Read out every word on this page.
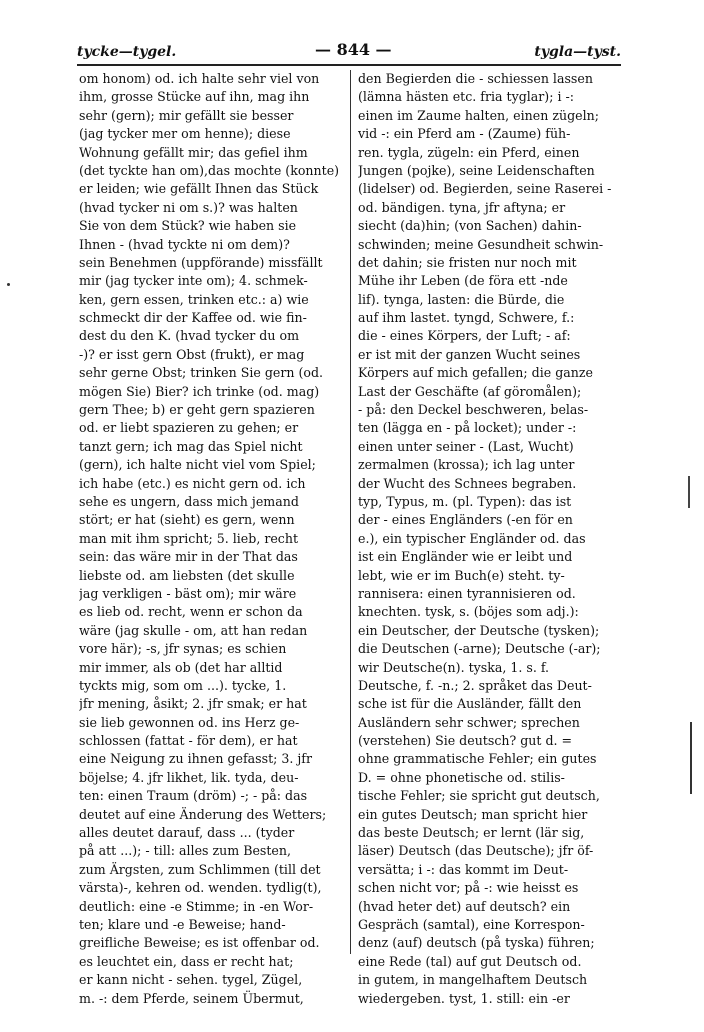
tycke—tygel.	— 844 —	tygla—tyst.
om honom) od. ich halte sehr viel von
ihm, grosse Stücke auf ihn, mag ihn
sehr (gern); mir gefällt sie besser
(jag tycker mer om henne); diese
Wohnung gefällt mir; das gefiel ihm
(det tyckte han om),das mochte (konnte)
er leiden; wie gefällt Ihnen das Stück
(hvad tycker ni om s.)? was halten
Sie von dem Stück? wie haben sie
Ihnen - (hvad tyckte ni om dem)?
sein Benehmen (uppförande) missfällt
mir (jag tycker inte om); 4. schmek-
ken, gern essen, trinken etc.: a) wie
schmeckt dir der Kaffee od. wie fin-
dest du den K. (hvad tycker du om
-)? er isst gern Obst (frukt), er mag
sehr gerne Obst; trinken Sie gern (od.
mögen Sie) Bier? ich trinke (od. mag)
gern Thee; b) er geht gern spazieren
od. er liebt spazieren zu gehen; er
tanzt gern; ich mag das Spiel nicht
(gern), ich halte nicht viel vom Spiel;
ich habe (etc.) es nicht gern od. ich
sehe es ungern, dass mich jemand
stört; er hat (sieht) es gern, wenn
man mit ihm spricht; 5. lieb, recht
sein: das wäre mir in der That das
liebste od. am liebsten (det skulle
jag verkligen - bäst om); mir wäre
es lieb od. recht, wenn er schon da
wäre (jag skulle - om, att han redan
vore här); -s, jfr synas; es schien
mir immer, als ob (det har alltid
tyckts mig, som om ...). tycke, 1.
jfr mening, åsikt; 2. jfr smak; er hat
sie lieb gewonnen od. ins Herz ge-
schlossen (fattat - för dem), er hat
eine Neigung zu ihnen gefasst; 3. jfr
böjelse; 4. jfr likhet, lik. tyda, deu-
ten: einen Traum (dröm) -; - på: das
deutet auf eine Änderung des Wetters;
alles deutet darauf, dass ... (tyder
på att ...); - till: alles zum Besten,
zum Ärgsten, zum Schlimmen (till det
värsta)-, kehren od. wenden. tydlig(t),
deutlich: eine -e Stimme; in -en Wor-
ten; klare und -e Beweise; hand-
greifliche Beweise; es ist offenbar od.
es leuchtet ein, dass er recht hat;
er kann nicht - sehen. tygel, Zügel,
m. -: dem Pferde, seinem Übermut,
den Begierden die - schiessen lassen
(lämna hästen etc. fria tyglar); i -:
einen im Zaume halten, einen zügeln;
vid -: ein Pferd am - (Zaume) füh-
ren. tygla, zügeln: ein Pferd, einen
Jungen (pojke), seine Leidenschaften
(lidelser) od. Begierden, seine Raserei -
od. bändigen. tyna, jfr aftyna; er
siecht (da)hin; (von Sachen) dahin-
schwinden; meine Gesundheit schwin-
det dahin; sie fristen nur noch mit
Mühe ihr Leben (de föra ett -nde
lif). tynga, lasten: die Bürde, die
auf ihm lastet. tyngd, Schwere, f.:
die - eines Körpers, der Luft; - af:
er ist mit der ganzen Wucht seines
Körpers auf mich gefallen; die ganze
Last der Geschäfte (af göromålen);
- på: den Deckel beschweren, belas-
ten (lägga en - på locket); under -:
einen unter seiner - (Last, Wucht)
zermalmen (krossa); ich lag unter
der Wucht des Schnees begraben.
typ, Typus, m. (pl. Typen): das ist
der - eines Engländers (-en för en
e.), ein typischer Engländer od. das
ist ein Engländer wie er leibt und
lebt, wie er im Buch(e) steht. ty-
rannisera: einen tyrannisieren od.
knechten. tysk, s. (böjes som adj.):
ein Deutscher, der Deutsche (tysken);
die Deutschen (-arne); Deutsche (-ar);
wir Deutsche(n). tyska, 1. s. f.
Deutsche, f. -n.; 2. språket das Deut-
sche ist für die Ausländer, fällt den
Ausländern sehr schwer; sprechen
(verstehen) Sie deutsch? gut d. =
ohne grammatische Fehler; ein gutes
D. = ohne phonetische od. stilis-
tische Fehler; sie spricht gut deutsch,
ein gutes Deutsch; man spricht hier
das beste Deutsch; er lernt (lär sig,
läser) Deutsch (das Deutsche); jfr öf-
versätta; i -: das kommt im Deut-
schen nicht vor; på -: wie heisst es
(hvad heter det) auf deutsch? ein
Gespräch (samtal), eine Korrespon-
denz (auf) deutsch (på tyska) führen;
eine Rede (tal) auf gut Deutsch od.
in gutem, in mangelhaftem Deutsch
wiedergeben. tyst, 1. still: ein -er
